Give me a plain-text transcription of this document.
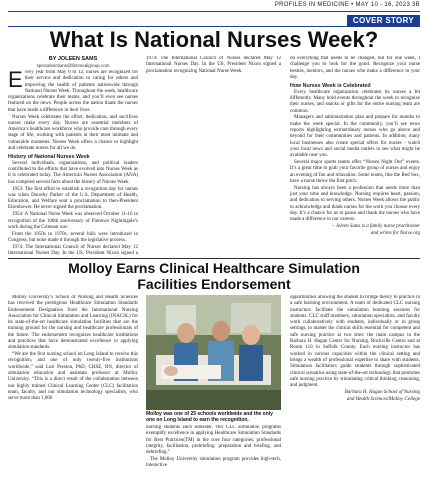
PROFILES IN MEDICINE • MAY 10 - 16, 2023 3B
COVER STORY
What Is National Nurses Week?
BY JOLEEN SAMS
specialsections@libnmedigroup.com

Every year from May 6 to 12, nurses are recognized for their service and dedication to caring for others and improving the health of patients nationwide through National Nurses Week. Throughout the week, healthcare organizations celebrate their teams, and you’ll even see nurses featured on the news. People across the nation thank the nurses that have made a difference in their lives.

Nurses Week celebrates the effort, dedication, and sacrifices nurses make every day. Nurses are essential members of America’s healthcare workforce who provide care through every stage of life, working with patients at their most intimate and vulnerable moments. Nurses Week offers a chance to highlight and celebrate nurses for all we do.

History of National Nurses Week

Several individuals, organizations, and political leaders contributed to the efforts that have evolved into Nurses Week as it is celebrated today. The American Nurses Association (ANA) has compiled several facts about the history of Nurses Week.

1953: The first effort to establish a recognition day for nurses was when Dorothy Parker of the U.S. Department of Health, Education, and Welfare sent a proclamation to then-President Eisenhower. He never signed the proclamation.

1954: A National Nurse Week was observed October 11-16 in recognition of the 100th anniversary of Florence Nightingale’s work during the Crimean war.

From the 1950s to 1970s, several bills were introduced in Congress, but none made it through the legislative process.

1974: The International Council of Nurses declared May 12 International Nurses Day. In the US, President Nixon signed a

1974: The International Council of Nurses declared May 12 International Nurses Day. In the US, President Nixon signed a proclamation recognizing National Nurse Week.

on everything that needs to be changed, but for one week, I challenge you to look for the good. Recognize your nurse besties, mentors, and the nurses who make a difference in your day.

How Nurses Week is Celebrated

Every healthcare organization celebrates its nurses a bit differently. Many hold events throughout the week to recognize their nurses, and snacks or gifts for the entire nursing team are common.

Managers and administration plan and prepare for months to make the week special. In the community, you’ll see news reports highlighting extraordinary nurses who go above and beyond for their communities and patients. In addition, many local businesses also create special offers for nurses - watch your local news and social media outlets to see what might be available near you.

Several major sports teams offer “Nurses Night Out” events. It’s a great time to grab your favorite group of nurses and enjoy an evening of fun and relaxation. Some teams, like the Red Sox, have a nurse throw the first pitch.

Nursing has always been a profession that needs more than just your time and knowledge. Nursing requires heart, passion, and dedication to serving others. Nurses Week allows the public to acknowledge and thank nurses for the work you choose every day. It’s a chance for us to pause and thank the nurses who have made a difference in our careers.

– Joleen Sams is a family nurse practitioner

and writes for Nurse.org

Molloy Earns Clinical Healthcare Simulation
Facilities Endorsement

Molloy University’s School of Nursing and Health Sciences has received the prestigious Healthcare Simulation Standards Endorsement Designation from the International Nursing Association for Clinical Simulation and Learning (INACSL) for its state-of-the-art healthcare simulation facilities that are the training ground for the nursing and healthcare professionals of the future. The endorsement recognizes healthcare institutions and practices that have demonstrated excellence in applying simulation standards.

“We are the first nursing school on Long Island to receive this recognition, and one of only twenty-five institutions worldwide,” said Lori Preston, PhD, CHSE, RN, director of simulation education and assistant professor at Molloy University. “This is a direct result of the collaboration between our highly trained Clinical Learning Center (CLC) facilitation team, faculty, and our simulation technology specialists, who serve more than 1,000

Molloy was one of 25 schools worldwide and the only one on Long Island to earn the recognition.

nursing students each semester. Our CLC simulation programs exemplify excellence in applying Healthcare Simulation Standards for Best Practices(TM) in the core four categories: professional integrity, facilitation, prebriefing: preparation and briefing, and debriefing.”

The Molloy University simulation program provides high-tech, interactive

opportunities allowing the student to bridge theory to practice in a safe learning environment. A team of dedicated CLC nursing instructors facilitate the simulation learning sessions for students. CLC staff members, simulation specialists, and faculty work collaboratively with students, individually or in group settings, to master the clinical skills essential for competent and safe nursing practice at two sites: the main campus in the Barbara H. Hagan Center for Nursing, Rockville Centre and at Room 110 in Suffolk County. Each nursing instructor has worked in various capacities within the clinical setting and brings a wealth of professional expertise to share with students. Simulation facilitators guide students through sophisticated clinical scenarios using state-of-the-art technology that promotes safe nursing practice by stimulating critical thinking, reasoning, and judgment.

Barbara H. Hagan School of Nursing

and Health Sciences/Molloy College
